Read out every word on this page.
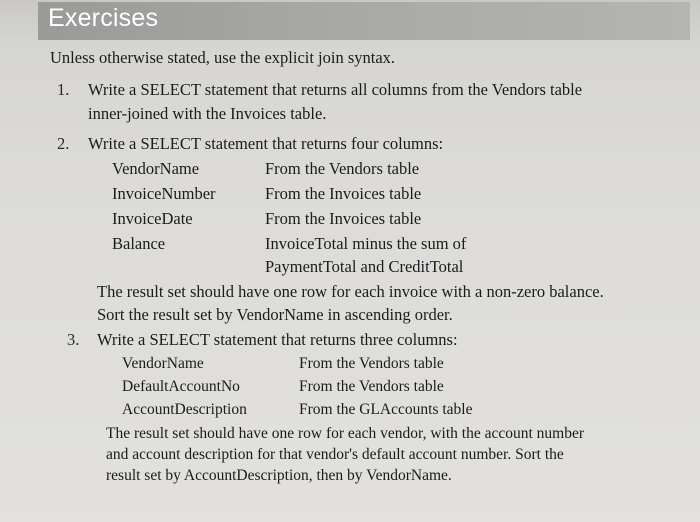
Exercises
Unless otherwise stated, use the explicit join syntax.
1. Write a SELECT statement that returns all columns from the Vendors table
inner-joined with the Invoices table.
2. Write a SELECT statement that returns four columns:
VendorName	From the Vendors table
InvoiceNumber	From the Invoices table
InvoiceDate	From the Invoices table
Balance	InvoiceTotal minus the sum of
PaymentTotal and CreditTotal
The result set should have one row for each invoice with a non-zero balance.
Sort the result set by VendorName in ascending order.
3. Write a SELECT statement that returns three columns:
VendorName	From the Vendors table
DefaultAccountNo	From the Vendors table
AccountDescription	From the GLAccounts table
The result set should have one row for each vendor, with the account number
and account description for that vendor's default account number. Sort the
result set by AccountDescription, then by VendorName.
